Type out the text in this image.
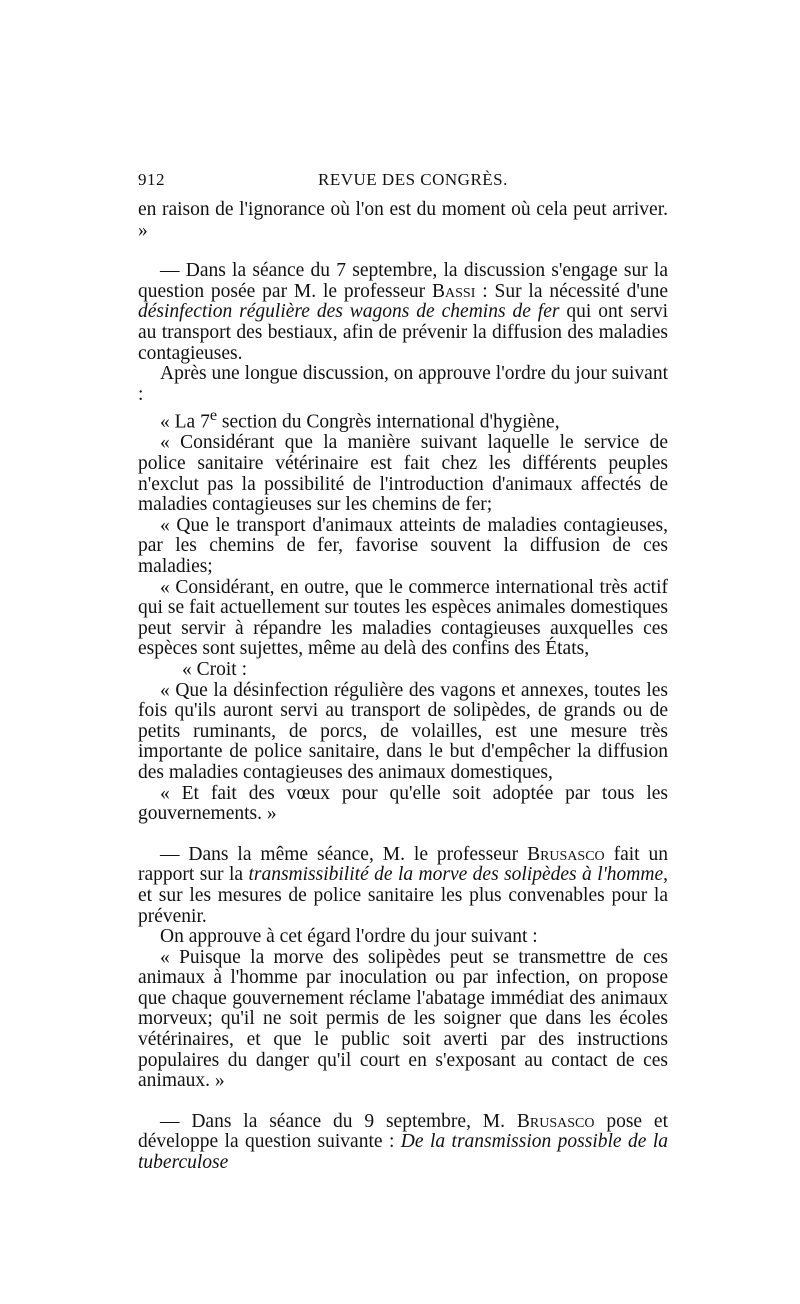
912	REVUE DES CONGRÈS.

en raison de l'ignorance où l'on est du moment où cela peut arriver. »

— Dans la séance du 7 septembre, la discussion s'engage sur la question posée par M. le professeur Bassi : Sur la nécessité d'une désinfection régulière des wagons de chemins de fer qui ont servi au transport des bestiaux, afin de prévenir la diffusion des maladies contagieuses.

Après une longue discussion, on approuve l'ordre du jour suivant :

« La 7e section du Congrès international d'hygiène,

« Considérant que la manière suivant laquelle le service de police sanitaire vétérinaire est fait chez les différents peuples n'exclut pas la possibilité de l'introduction d'animaux affectés de maladies contagieuses sur les chemins de fer;

« Que le transport d'animaux atteints de maladies contagieuses, par les chemins de fer, favorise souvent la diffusion de ces maladies;

« Considérant, en outre, que le commerce international très actif qui se fait actuellement sur toutes les espèces animales domestiques peut servir à répandre les maladies contagieuses auxquelles ces espèces sont sujettes, même au delà des confins des États,

« Croit :

« Que la désinfection régulière des vagons et annexes, toutes les fois qu'ils auront servi au transport de solipèdes, de grands ou de petits ruminants, de porcs, de volailles, est une mesure très importante de police sanitaire, dans le but d'empêcher la diffusion des maladies contagieuses des animaux domestiques,

« Et fait des vœux pour qu'elle soit adoptée par tous les gouvernements. »

— Dans la même séance, M. le professeur Brusasco fait un rapport sur la transmissibilité de la morve des solipèdes à l'homme, et sur les mesures de police sanitaire les plus convenables pour la prévenir.

On approuve à cet égard l'ordre du jour suivant :

« Puisque la morve des solipèdes peut se transmettre de ces animaux à l'homme par inoculation ou par infection, on propose que chaque gouvernement réclame l'abatage immédiat des animaux morveux; qu'il ne soit permis de les soigner que dans les écoles vétérinaires, et que le public soit averti par des instructions populaires du danger qu'il court en s'exposant au contact de ces animaux. »

— Dans la séance du 9 septembre, M. Brusasco pose et développe la question suivante : De la transmission possible de la tuberculose
